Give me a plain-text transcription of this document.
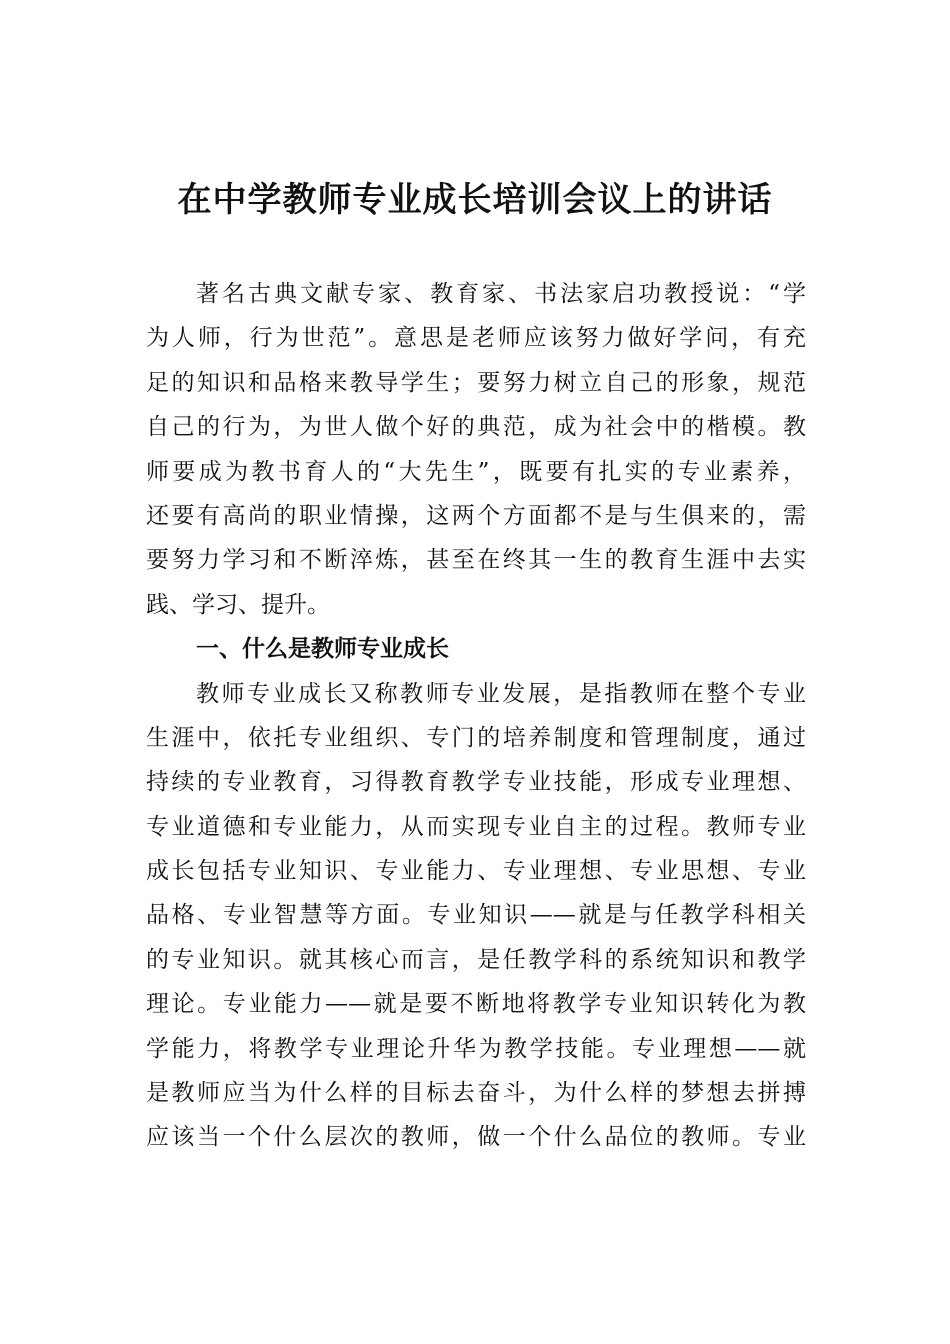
在中学教师专业成长培训会议上的讲话
著名古典文献专家、教育家、书法家启功教授说：“学
为人师，行为世范”。意思是老师应该努力做好学问，有充
足的知识和品格来教导学生；要努力树立自己的形象，规范
自己的行为，为世人做个好的典范，成为社会中的楷模。教
师要成为教书育人的“大先生”，既要有扎实的专业素养，
还要有高尚的职业情操，这两个方面都不是与生俱来的，需
要努力学习和不断淬炼，甚至在终其一生的教育生涯中去实
践、学习、提升。
一、什么是教师专业成长
教师专业成长又称教师专业发展，是指教师在整个专业
生涯中，依托专业组织、专门的培养制度和管理制度，通过
持续的专业教育，习得教育教学专业技能，形成专业理想、
专业道德和专业能力，从而实现专业自主的过程。教师专业
成长包括专业知识、专业能力、专业理想、专业思想、专业
品格、专业智慧等方面。专业知识——就是与任教学科相关
的专业知识。就其核心而言，是任教学科的系统知识和教学
理论。专业能力——就是要不断地将教学专业知识转化为教
学能力，将教学专业理论升华为教学技能。专业理想——就
是教师应当为什么样的目标去奋斗，为什么样的梦想去拼搏
应该当一个什么层次的教师，做一个什么品位的教师。专业
